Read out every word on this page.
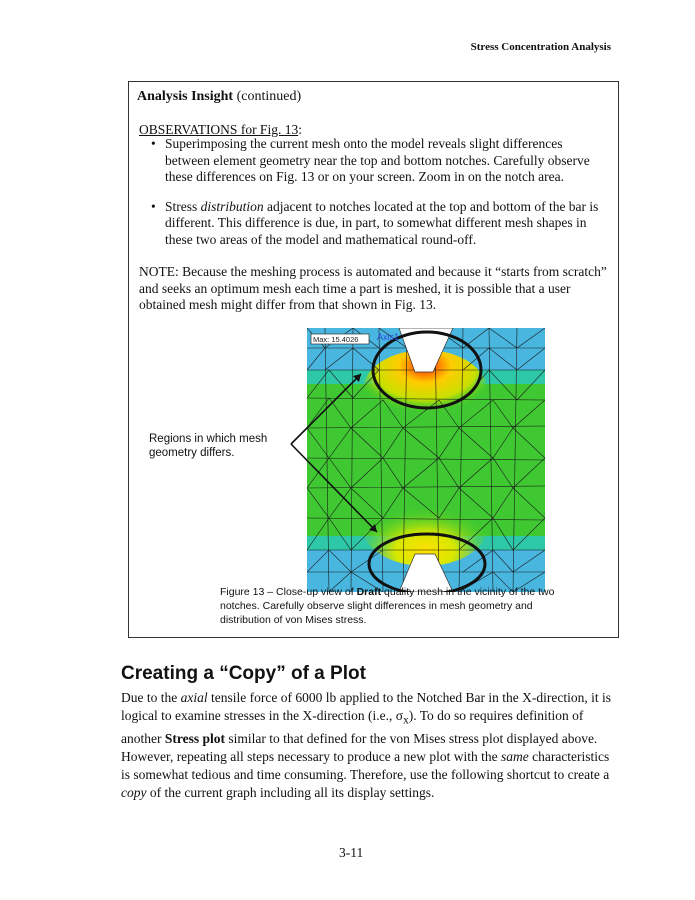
Stress Concentration Analysis
Analysis Insight (continued)
OBSERVATIONS for Fig. 13:
• Superimposing the current mesh onto the model reveals slight differences between element geometry near the top and bottom notches. Carefully observe these differences on Fig. 13 or on your screen. Zoom in on the notch area.
• Stress distribution adjacent to notches located at the top and bottom of the bar is different. This difference is due, in part, to somewhat different mesh shapes in these two areas of the model and mathematical round-off.

NOTE: Because the meshing process is automated and because it “starts from scratch” and seeks an optimum mesh each time a part is meshed, it is possible that a user obtained mesh might differ from that shown in Fig. 13.

Max: 15.4026 Axis1
Regions in which mesh geometry differs.
Figure 13 – Close-up view of Draft quality mesh in the vicinity of the two notches. Carefully observe slight differences in mesh geometry and distribution of von Mises stress.
Creating a “Copy” of a Plot

Due to the axial tensile force of 6000 lb applied to the Notched Bar in the X-direction, it is logical to examine stresses in the X-direction (i.e., $\sigma_x$). To do so requires definition of another Stress plot similar to that defined for the von Mises stress plot displayed above. However, repeating all steps necessary to produce a new plot with the same characteristics is somewhat tedious and time consuming. Therefore, use the following shortcut to create a copy of the current graph including all its display settings.

3-11
